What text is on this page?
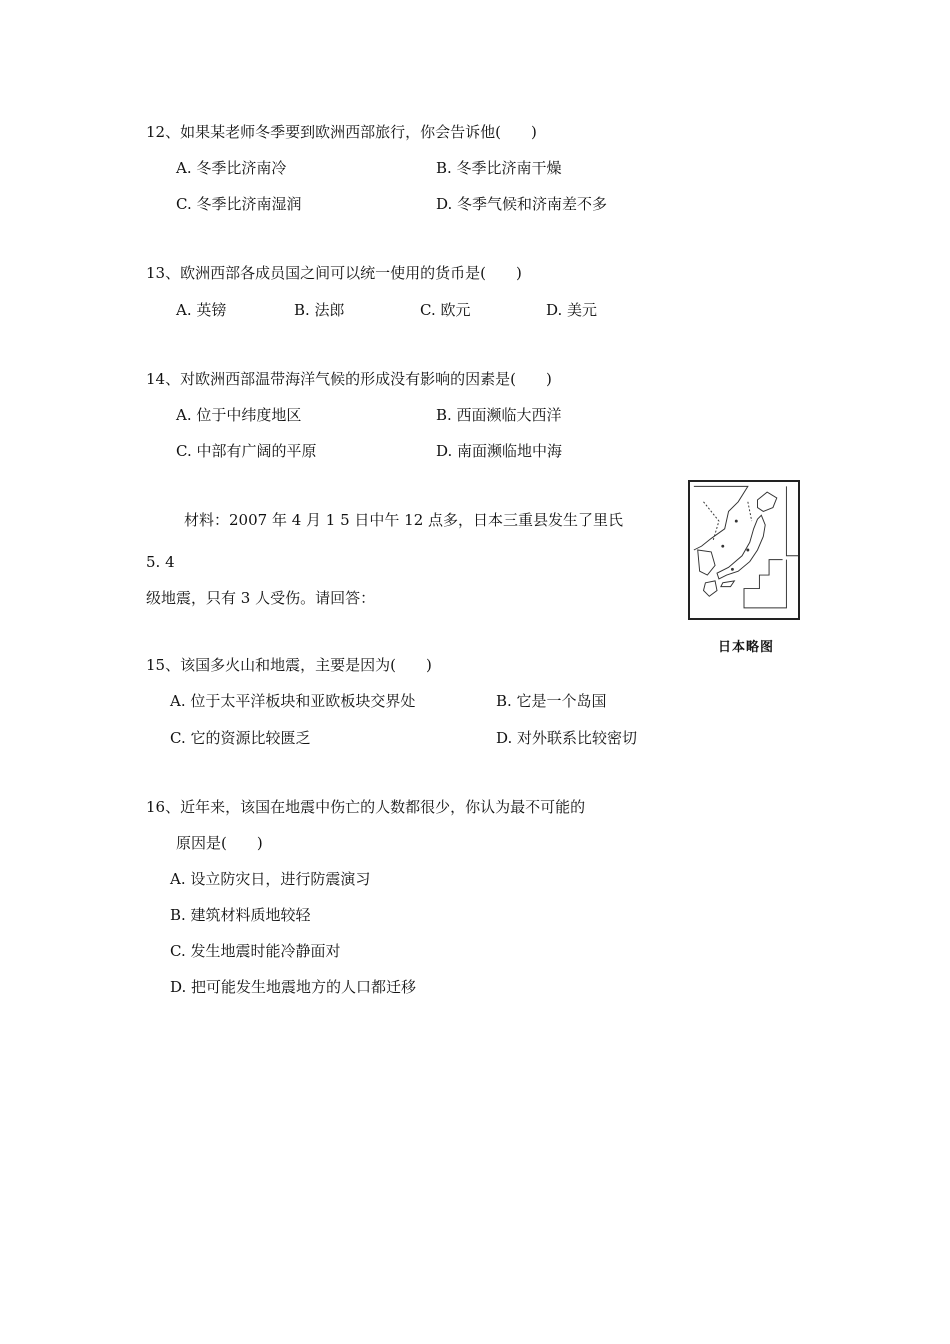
12、如果某老师冬季要到欧洲西部旅行，你会告诉他(　　)
A. 冬季比济南冷	B. 冬季比济南干燥
C. 冬季比济南湿润	D. 冬季气候和济南差不多
13、欧洲西部各成员国之间可以统一使用的货币是(　　)
A. 英镑	B. 法郎	C. 欧元	D. 美元
14、对欧洲西部温带海洋气候的形成没有影响的因素是(　　)
A. 位于中纬度地区	B. 西面濒临大西洋
C. 中部有广阔的平原	D. 南面濒临地中海
材料：2007 年 4 月 1 5 日中午 12 点多，日本三重县发生了里氏
5. 4
级地震，只有 3 人受伤。请回答：
日本略图
15、该国多火山和地震，主要是因为(　　)
A. 位于太平洋板块和亚欧板块交界处	B. 它是一个岛国
C. 它的资源比较匮乏	D. 对外联系比较密切
16、近年来，该国在地震中伤亡的人数都很少，你认为最不可能的
原因是(　　)
A. 设立防灾日，进行防震演习
B. 建筑材料质地较轻
C. 发生地震时能冷静面对
D. 把可能发生地震地方的人口都迁移
